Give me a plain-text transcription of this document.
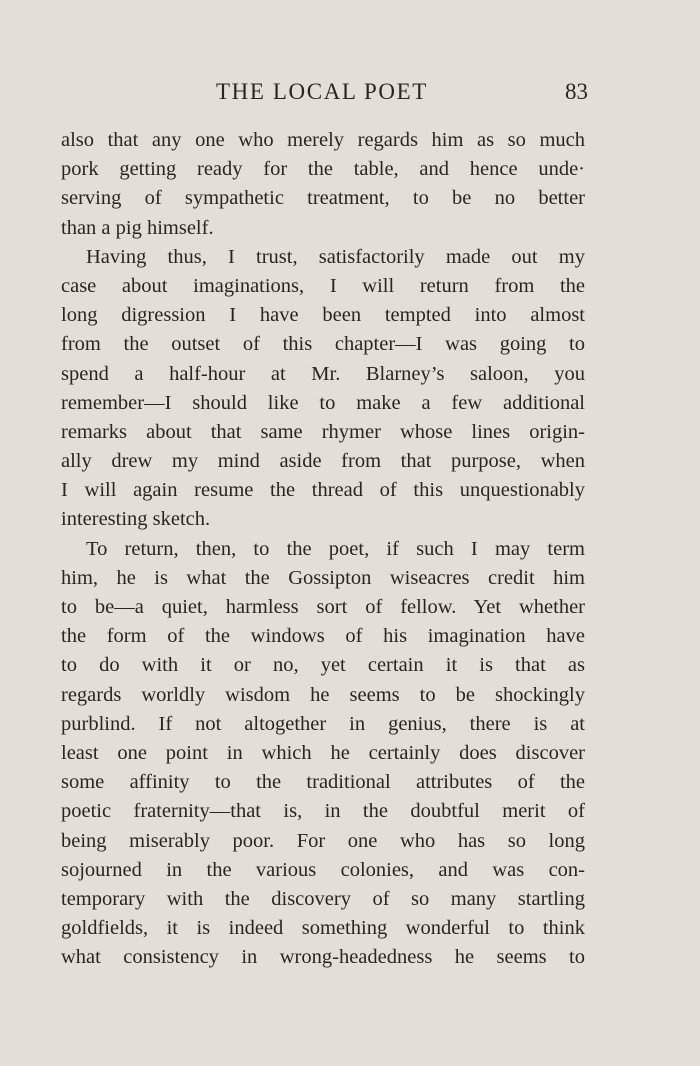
THE LOCAL POET	83
also that any one who merely regards him as so much
pork getting ready for the table, and hence unde·
serving of sympathetic treatment, to be no better
than a pig himself.
Having thus, I trust, satisfactorily made out my
case about imaginations, I will return from the
long digression I have been tempted into almost
from the outset of this chapter—I was going to
spend a half-hour at Mr. Blarney’s saloon, you
remember—I should like to make a few additional
remarks about that same rhymer whose lines origin-
ally drew my mind aside from that purpose, when
I will again resume the thread of this unquestionably
interesting sketch.
To return, then, to the poet, if such I may term
him, he is what the Gossipton wiseacres credit him
to be—a quiet, harmless sort of fellow. Yet whether
the form of the windows of his imagination have
to do with it or no, yet certain it is that as
regards worldly wisdom he seems to be shockingly
purblind. If not altogether in genius, there is at
least one point in which he certainly does discover
some affinity to the traditional attributes of the
poetic fraternity—that is, in the doubtful merit of
being miserably poor. For one who has so long
sojourned in the various colonies, and was con-
temporary with the discovery of so many startling
goldfields, it is indeed something wonderful to think
what consistency in wrong-headedness he seems to
